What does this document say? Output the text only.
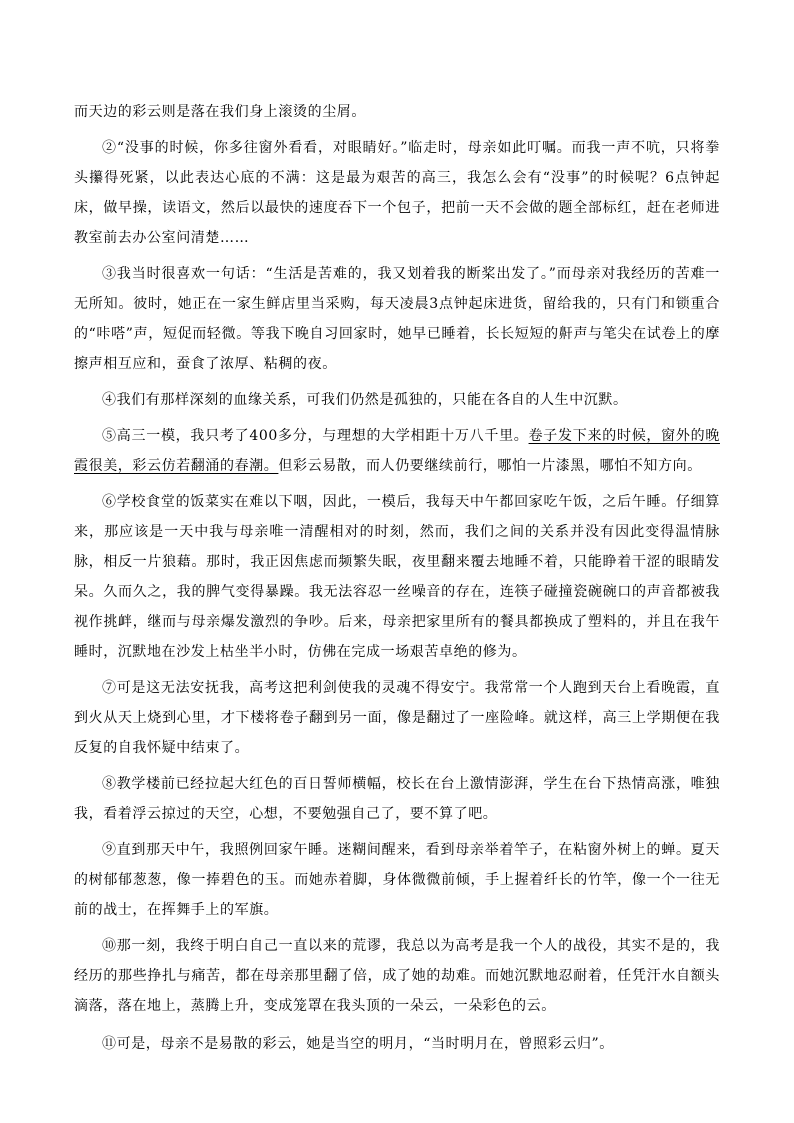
而天边的彩云则是落在我们身上滚烫的尘屑。

②“没事的时候，你多往窗外看看，对眼睛好。”临走时，母亲如此叮嘱。而我一声不吭，只将拳头攥得死紧，以此表达心底的不满：这是最为艰苦的高三，我怎么会有“没事”的时候呢？6点钟起床，做早操，读语文，然后以最快的速度吞下一个包子，把前一天不会做的题全部标红，赶在老师进教室前去办公室问清楚……

③我当时很喜欢一句话：“生活是苦难的，我又划着我的断桨出发了。”而母亲对我经历的苦难一无所知。彼时，她正在一家生鲜店里当采购，每天凌晨3点钟起床进货，留给我的，只有门和锁重合的“咔嗒”声，短促而轻微。等我下晚自习回家时，她早已睡着，长长短短的鼾声与笔尖在试卷上的摩擦声相互应和，蚕食了浓厚、粘稠的夜。

④我们有那样深刻的血缘关系，可我们仍然是孤独的，只能在各自的人生中沉默。

⑤高三一模，我只考了400多分，与理想的大学相距十万八千里。卷子发下来的时候，窗外的晚霞很美，彩云仿若翻涌的春潮。但彩云易散，而人仍要继续前行，哪怕一片漆黑，哪怕不知方向。

⑥学校食堂的饭菜实在难以下咽，因此，一模后，我每天中午都回家吃午饭，之后午睡。仔细算来，那应该是一天中我与母亲唯一清醒相对的时刻，然而，我们之间的关系并没有因此变得温情脉脉，相反一片狼藉。那时，我正因焦虑而频繁失眠，夜里翻来覆去地睡不着，只能睁着干涩的眼睛发呆。久而久之，我的脾气变得暴躁。我无法容忍一丝噪音的存在，连筷子碰撞瓷碗碗口的声音都被我视作挑衅，继而与母亲爆发激烈的争吵。后来，母亲把家里所有的餐具都换成了塑料的，并且在我午睡时，沉默地在沙发上枯坐半小时，仿佛在完成一场艰苦卓绝的修为。

⑦可是这无法安抚我，高考这把利剑使我的灵魂不得安宁。我常常一个人跑到天台上看晚霞，直到火从天上烧到心里，才下楼将卷子翻到另一面，像是翻过了一座险峰。就这样，高三上学期便在我反复的自我怀疑中结束了。

⑧教学楼前已经拉起大红色的百日誓师横幅，校长在台上激情澎湃，学生在台下热情高涨，唯独我，看着浮云掠过的天空，心想，不要勉强自己了，要不算了吧。

⑨直到那天中午，我照例回家午睡。迷糊间醒来，看到母亲举着竿子，在粘窗外树上的蝉。夏天的树郁郁葱葱，像一捧碧色的玉。而她赤着脚，身体微微前倾，手上握着纤长的竹竿，像一个一往无前的战士，在挥舞手上的军旗。

⑩那一刻，我终于明白自己一直以来的荒谬，我总以为高考是我一个人的战役，其实不是的，我经历的那些挣扎与痛苦，都在母亲那里翻了倍，成了她的劫难。而她沉默地忍耐着，任凭汗水自额头滴落，落在地上，蒸腾上升，变成笼罩在我头顶的一朵云，一朵彩色的云。

⑪可是，母亲不是易散的彩云，她是当空的明月，“当时明月在，曾照彩云归”。
